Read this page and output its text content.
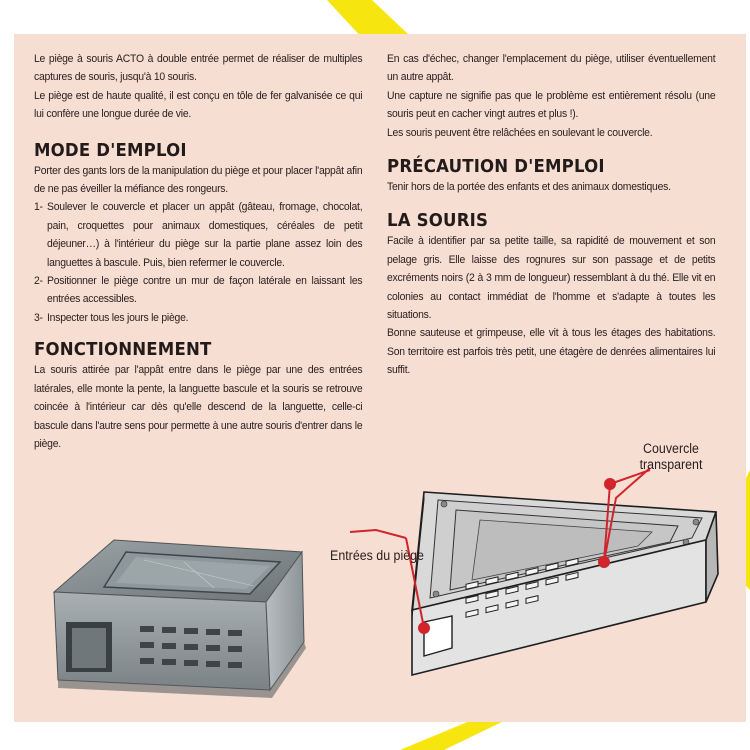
Le piège à souris ACTO à double entrée permet de réaliser de multiples captures de souris, jusqu'à 10 souris.

Le piège est de haute qualité, il est conçu en tôle de fer galvanisée ce qui lui confère une longue durée de vie.

MODE D'EMPLOI

Porter des gants lors de la manipulation du piège et pour placer l'appât afin de ne pas éveiller la méfiance des rongeurs.

1- Soulever le couvercle et placer un appât (gâteau, fromage, chocolat, pain, croquettes pour animaux domestiques, céréales de petit déjeuner…) à l'intérieur du piège sur la partie plane assez loin des languettes à bascule. Puis, bien refermer le couvercle.
2- Positionner le piège contre un mur de façon latérale en laissant les entrées accessibles.
3- Inspecter tous les jours le piège.
FONCTIONNEMENT

La souris attirée par l'appât entre dans le piège par une des entrées latérales, elle monte la pente, la languette bascule et la souris se retrouve coincée à l'intérieur car dès qu'elle descend de la languette, celle-ci bascule dans l'autre sens pour permette à une autre souris d'entrer dans le piège.

En cas d'échec, changer l'emplacement du piège, utiliser éventuellement un autre appât.

Une capture ne signifie pas que le problème est entièrement résolu (une souris peut en cacher vingt autres et plus !).

Les souris peuvent être relâchées en soulevant le couvercle.

PRÉCAUTION D'EMPLOI

Tenir hors de la portée des enfants et des animaux domestiques.

LA SOURIS

Facile à identifier par sa petite taille, sa rapidité de mouvement et son pelage gris. Elle laisse des rognures sur son passage et de petits excréments noirs (2 à 3 mm de longueur) ressemblant à du thé. Elle vit en colonies au contact immédiat de l'homme et s'adapte à toutes les situations.

Bonne sauteuse et grimpeuse, elle vit à tous les étages des habitations. Son territoire est parfois très petit, une étagère de denrées alimentaires lui suffit.

Couvercle
transparent
Entrées du piège
